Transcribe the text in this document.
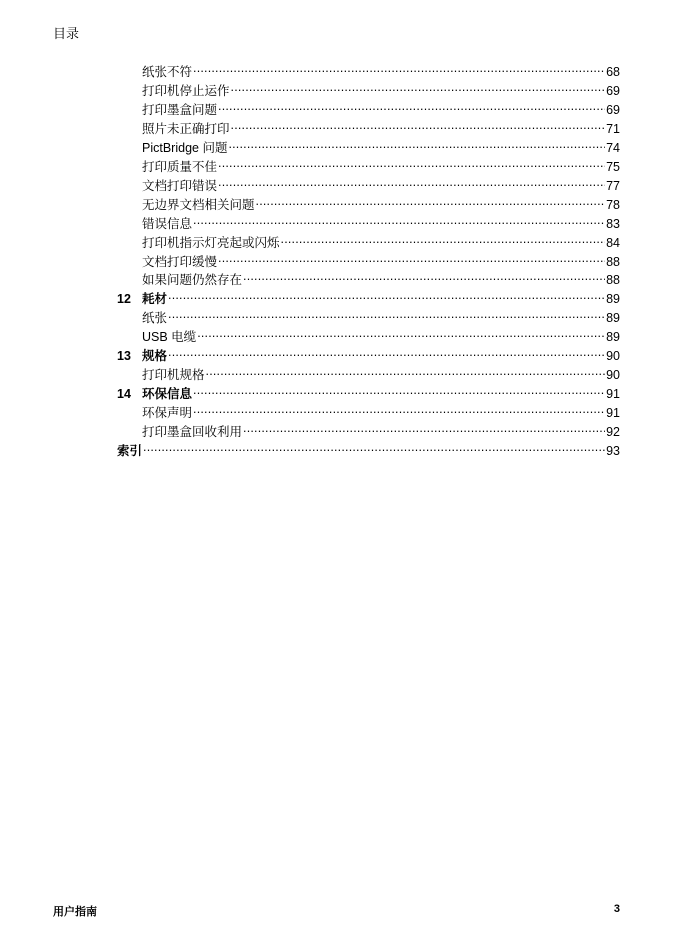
目录
纸张不符 .....	68
打印机停止运作 .....	69
打印墨盒问题 .....	69
照片未正确打印 .....	71
PictBridge 问题 .....	74
打印质量不佳 .....	75
文档打印错误 .....	77
无边界文档相关问题 .....	78
错误信息 .....	83
打印机指示灯亮起或闪烁 .....	84
文档打印缓慢 .....	88
如果问题仍然存在 .....	88
12 耗材 .....	89
纸张 .....	89
USB 电缆 .....	89
13 规格 .....	90
打印机规格 .....	90
14 环保信息 .....	91
环保声明 .....	91
打印墨盒回收利用 .....	92
索引 .....	93
用户指南	3
